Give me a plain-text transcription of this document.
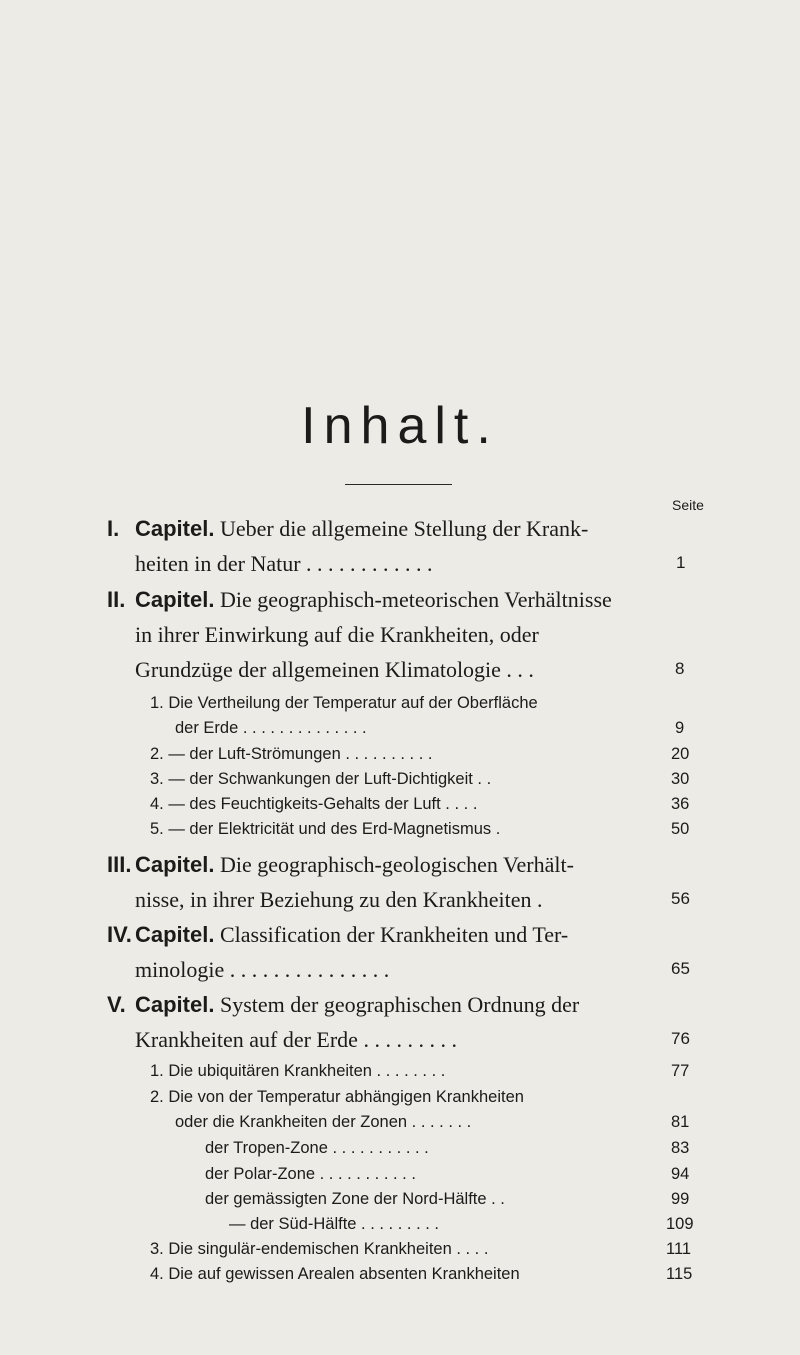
Inhalt.
Seite
I. Capitel. Ueber die allgemeine Stellung der Krank-
heiten in der Natur . . . . . . . . . . . .	1
II. Capitel. Die geographisch-meteorischen Verhältnisse
in ihrer Einwirkung auf die Krankheiten, oder
Grundzüge der allgemeinen Klimatologie . . .	8
1. Die Vertheilung der Temperatur auf der Oberfläche
der Erde . . . . . . . . . . . . . .	9
2. — der Luft-Strömungen . . . . . . . . . .	20
3. — der Schwankungen der Luft-Dichtigkeit . .	30
4. — des Feuchtigkeits-Gehalts der Luft . . . .	36
5. — der Elektricität und des Erd-Magnetismus .	50
III. Capitel. Die geographisch-geologischen Verhält-
nisse, in ihrer Beziehung zu den Krankheiten .	56
IV. Capitel. Classification der Krankheiten und Ter-
minologie . . . . . . . . . . . . . . .	65
V. Capitel. System der geographischen Ordnung der
Krankheiten auf der Erde . . . . . . . . .	76
1. Die ubiquitären Krankheiten . . . . . . . .	77
2. Die von der Temperatur abhängigen Krankheiten
oder die Krankheiten der Zonen . . . . . . .	81
der Tropen-Zone . . . . . . . . . . .	83
der Polar-Zone . . . . . . . . . . .	94
der gemässigten Zone der Nord-Hälfte . .	99
— der Süd-Hälfte . . . . . . . . .	109
3. Die singulär-endemischen Krankheiten . . . .	111
4. Die auf gewissen Arealen absenten Krankheiten	115
